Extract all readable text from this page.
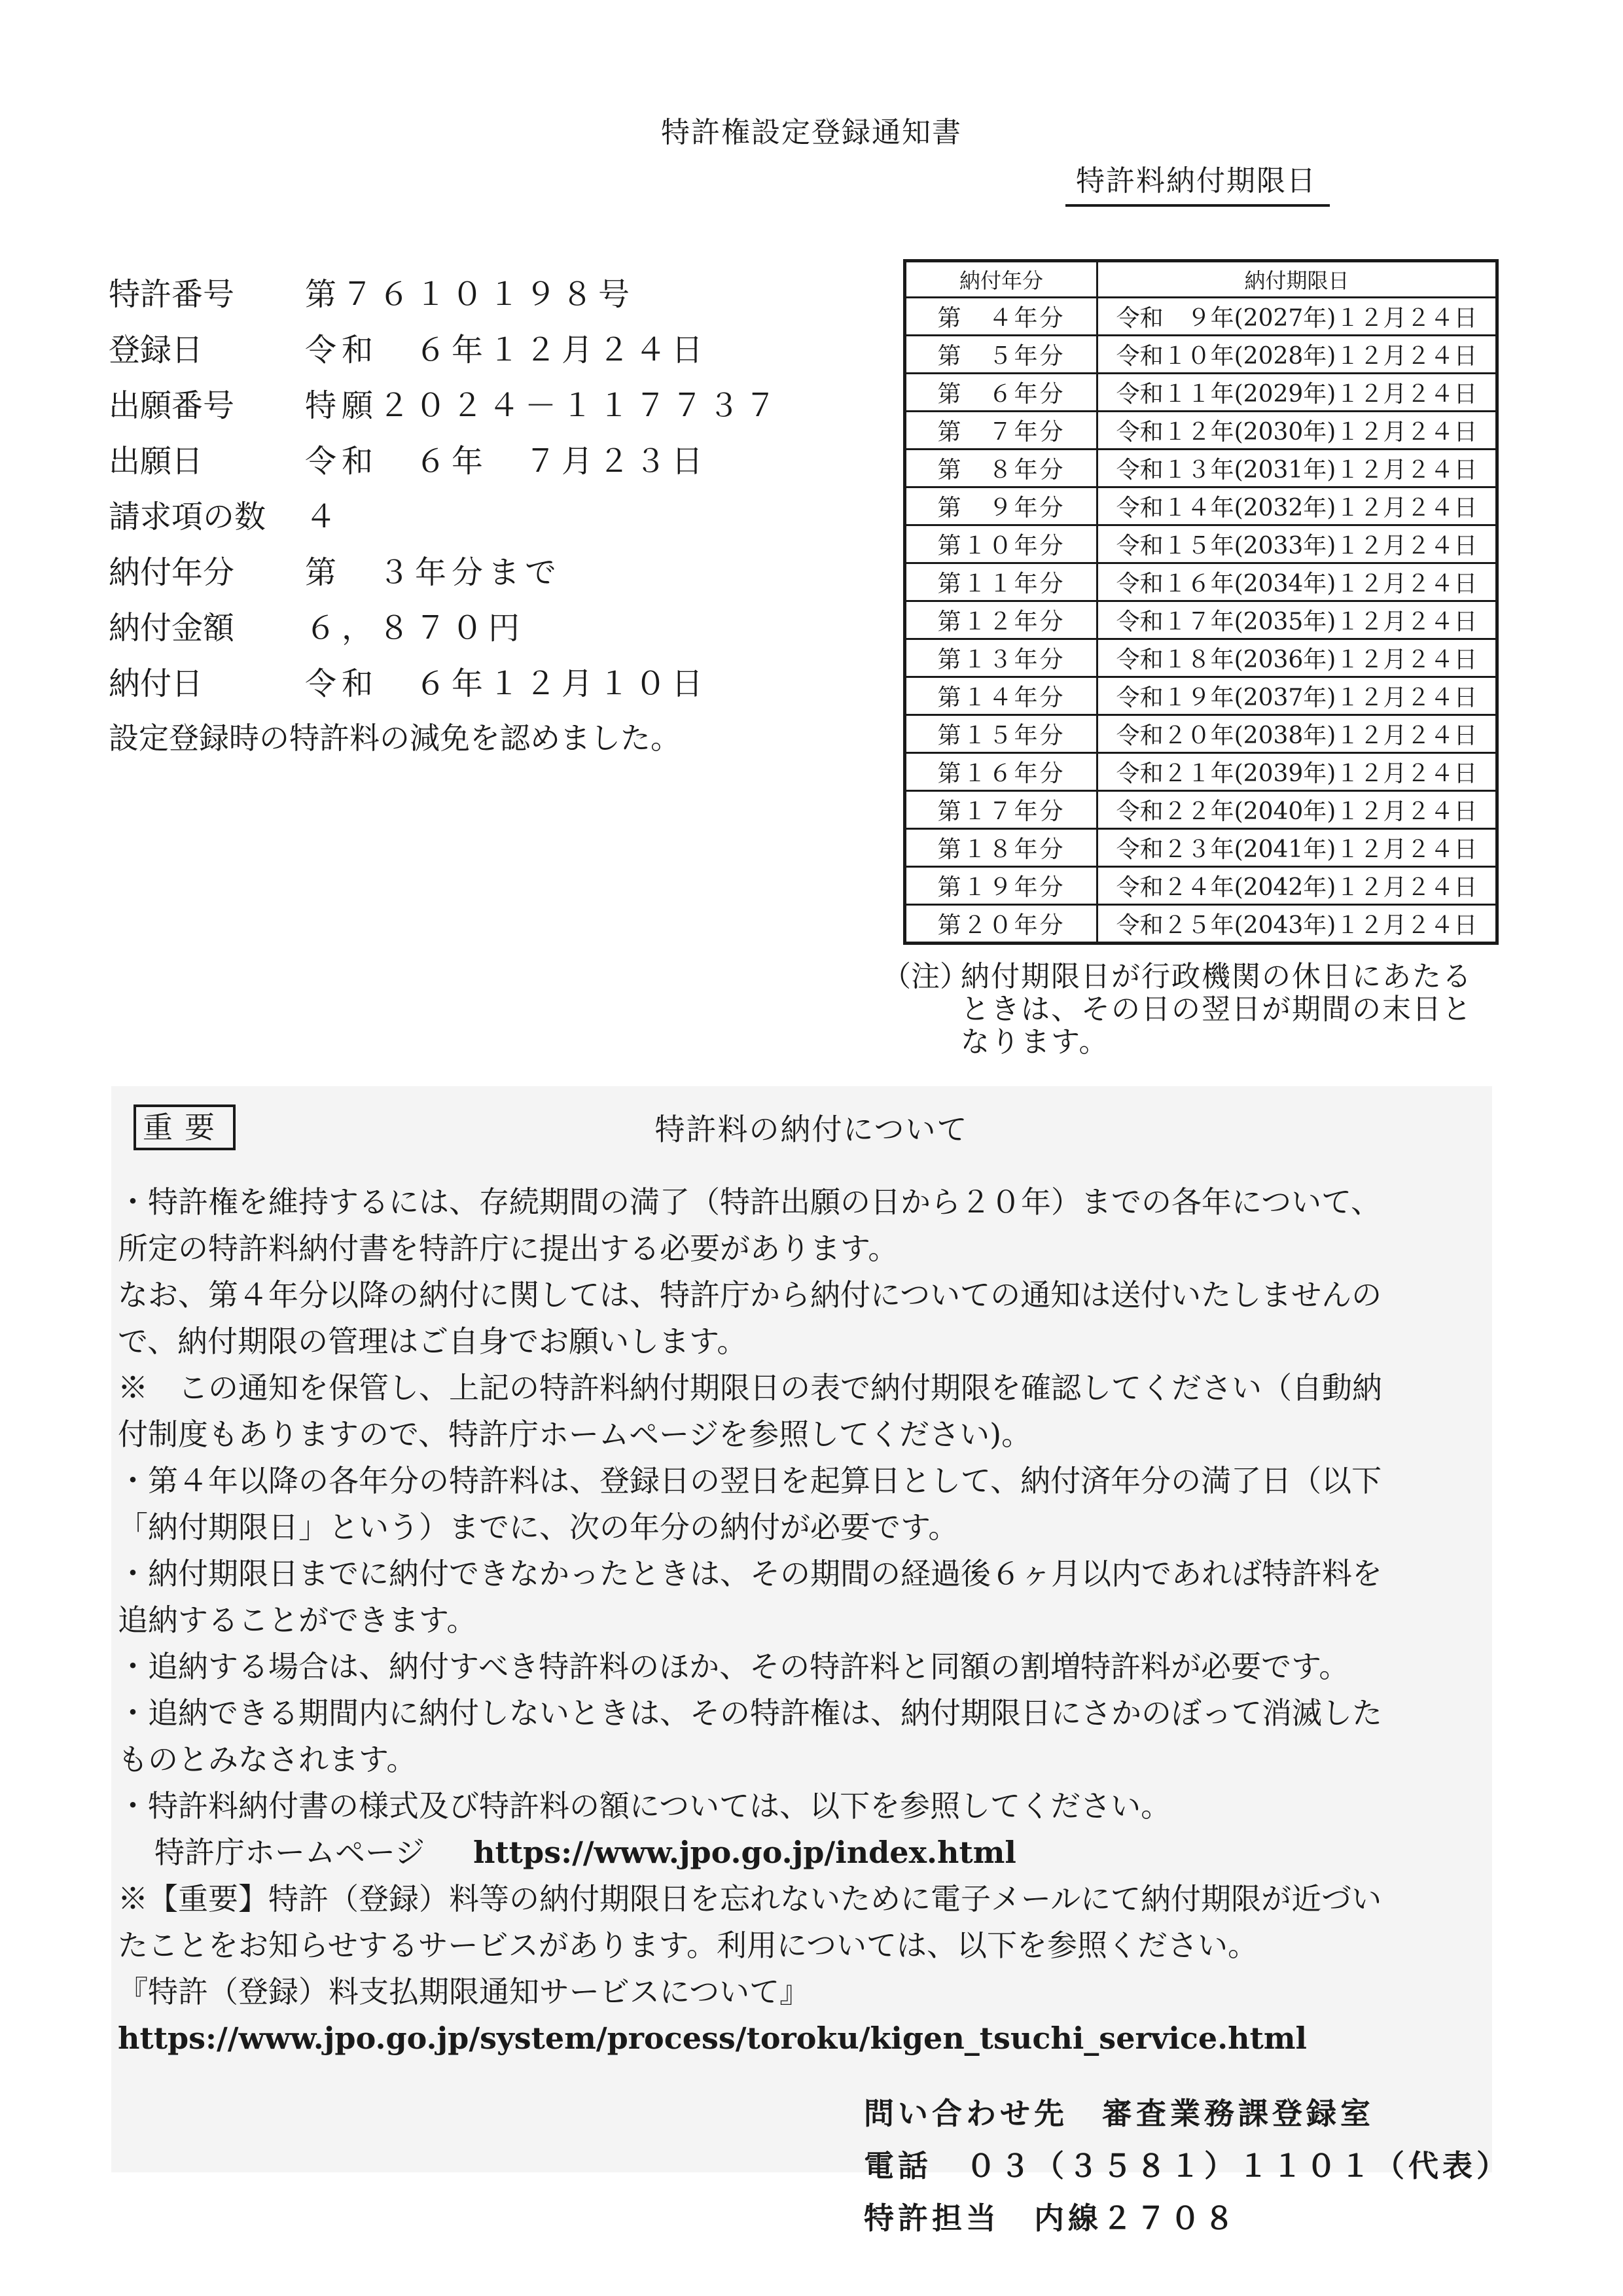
特許権設定登録通知書
特許料納付期限日
特許番号 第７６１０１９８号
登録日	令和　６年１２月２４日
出願番号 特願２０２４－１１７７３７
出願日	令和　６年　７月２３日
請求項の数 ４
納付年分 第　３年分まで
納付金額 ６，８７０円
納付日	令和　６年１２月１０日
設定登録時の特許料の減免を認めました。
納付年分	納付期限日
第　４年分	令和　９年(2027年)１２月２４日
第　５年分	令和１０年(2028年)１２月２４日
第　６年分	令和１１年(2029年)１２月２４日
第　７年分	令和１２年(2030年)１２月２４日
第　８年分	令和１３年(2031年)１２月２４日
第　９年分	令和１４年(2032年)１２月２４日
第１０年分	令和１５年(2033年)１２月２４日
第１１年分	令和１６年(2034年)１２月２４日
第１２年分	令和１７年(2035年)１２月２４日
第１３年分	令和１８年(2036年)１２月２４日
第１４年分	令和１９年(2037年)１２月２４日
第１５年分	令和２０年(2038年)１２月２４日
第１６年分	令和２１年(2039年)１２月２４日
第１７年分	令和２２年(2040年)１２月２４日
第１８年分	令和２３年(2041年)１２月２４日
第１９年分	令和２４年(2042年)１２月２４日
第２０年分	令和２５年(2043年)１２月２４日
（注）
納付期限日が行政機関の休日にあたる
ときは、その日の翌日が期間の末日と
なります。
重要	特許料の納付について
・特許権を維持するには、存続期間の満了（特許出願の日から２０年）までの各年について、
所定の特許料納付書を特許庁に提出する必要があります。
なお、第４年分以降の納付に関しては、特許庁から納付についての通知は送付いたしませんの
で、納付期限の管理はご自身でお願いします。
※　この通知を保管し、上記の特許料納付期限日の表で納付期限を確認してください（自動納
付制度もありますので、特許庁ホームページを参照してください)。
・第４年以降の各年分の特許料は、登録日の翌日を起算日として、納付済年分の満了日（以下
「納付期限日」という）までに、次の年分の納付が必要です。
・納付期限日までに納付できなかったときは、その期間の経過後６ヶ月以内であれば特許料を
追納することができます。
・追納する場合は、納付すべき特許料のほか、その特許料と同額の割増特許料が必要です。
・追納できる期間内に納付しないときは、その特許権は、納付期限日にさかのぼって消滅した
ものとみなされます。
・特許料納付書の様式及び特許料の額については、以下を参照してください。
特許庁ホームページ https://www.jpo.go.jp/index.html
※【重要】特許（登録）料等の納付期限日を忘れないために電子メールにて納付期限が近づい
たことをお知らせするサービスがあります。利用については、以下を参照ください。
『特許（登録）料支払期限通知サービスについて』
https://www.jpo.go.jp/system/process/toroku/kigen_tsuchi_service.html
問い合わせ先　審査業務課登録室
電話　０３（３５８１）１１０１（代表）
特許担当　内線２７０８
